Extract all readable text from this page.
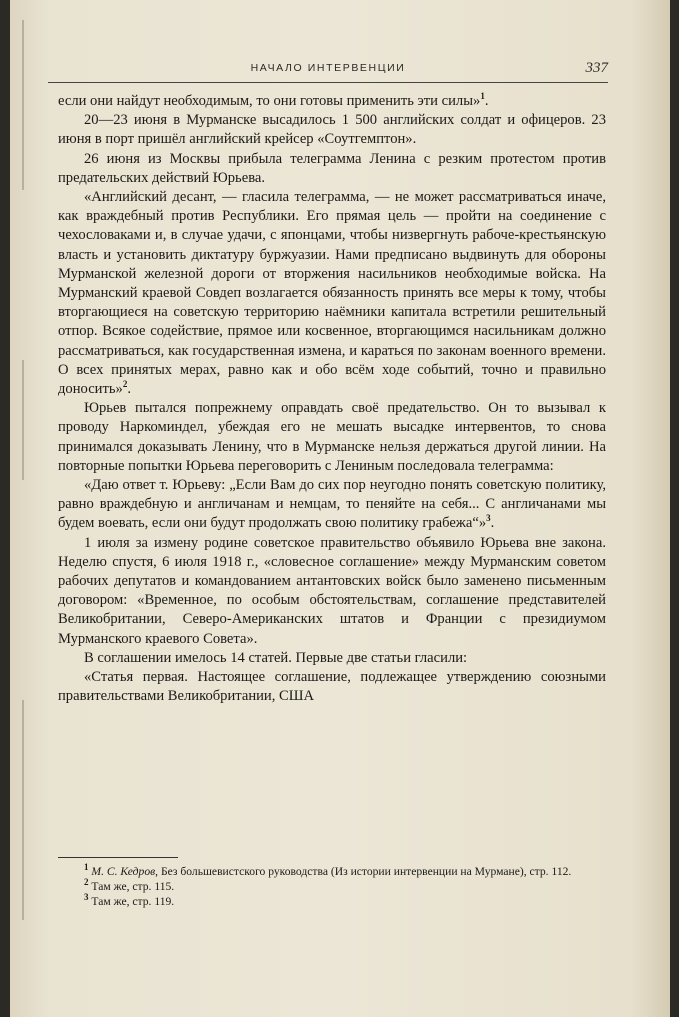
НАЧАЛО ИНТЕРВЕНЦИИ	337

если они найдут необходимым, то они готовы применить эти силы»$^1$.

20—23 июня в Мурманске высадилось 1 500 английских солдат и офицеров. 23 июня в порт пришёл английский крейсер «Соутгемптон».

26 июня из Москвы прибыла телеграмма Ленина с резким протестом против предательских действий Юрьева.

«Английский десант, — гласила телеграмма, — не может рассматриваться иначе, как враждебный против Республики. Его прямая цель — пройти на соединение с чехословаками и, в случае удачи, с японцами, чтобы низвергнуть рабоче-крестьянскую власть и установить диктатуру буржуазии. Нами предписано выдвинуть для обороны Мурманской железной дороги от вторжения насильников необходимые войска. На Мурманский краевой Совдеп возлагается обязанность принять все меры к тому, чтобы вторгающиеся на советскую территорию наёмники капитала встретили решительный отпор. Всякое содействие, прямое или косвенное, вторгающимся насильникам должно рассматриваться, как государственная измена, и караться по законам военного времени. О всех принятых мерах, равно как и обо всём ходе событий, точно и правильно доносить»$^2$.

Юрьев пытался попрежнему оправдать своё предательство. Он то вызывал к проводу Наркоминдел, убеждая его не мешать высадке интервентов, то снова принимался доказывать Ленину, что в Мурманске нельзя держаться другой линии. На повторные попытки Юрьева переговорить с Лениным последовала телеграмма:

«Даю ответ т. Юрьеву: „Если Вам до сих пор неугодно понять советскую политику, равно враждебную и англичанам и немцам, то пеняйте на себя... С англичанами мы будем воевать, если они будут продолжать свою политику грабежа“»$^3$.

1 июля за измену родине советское правительство объявило Юрьева вне закона. Неделю спустя, 6 июля 1918 г., «словесное соглашение» между Мурманским советом рабочих депутатов и командованием антантовских войск было заменено письменным договором: «Временное, по особым обстоятельствам, соглашение представителей Великобритании, Северо-Американских штатов и Франции с президиумом Мурманского краевого Совета».

В соглашении имелось 14 статей. Первые две статьи гласили:

«Статья первая. Настоящее соглашение, подлежащее утверждению союзными правительствами Великобритании, США

$^1$ М. С. Кедров, Без большевистского руководства (Из истории интервенции на Мурмане), стр. 112.

$^2$ Там же, стр. 115.

$^3$ Там же, стр. 119.
